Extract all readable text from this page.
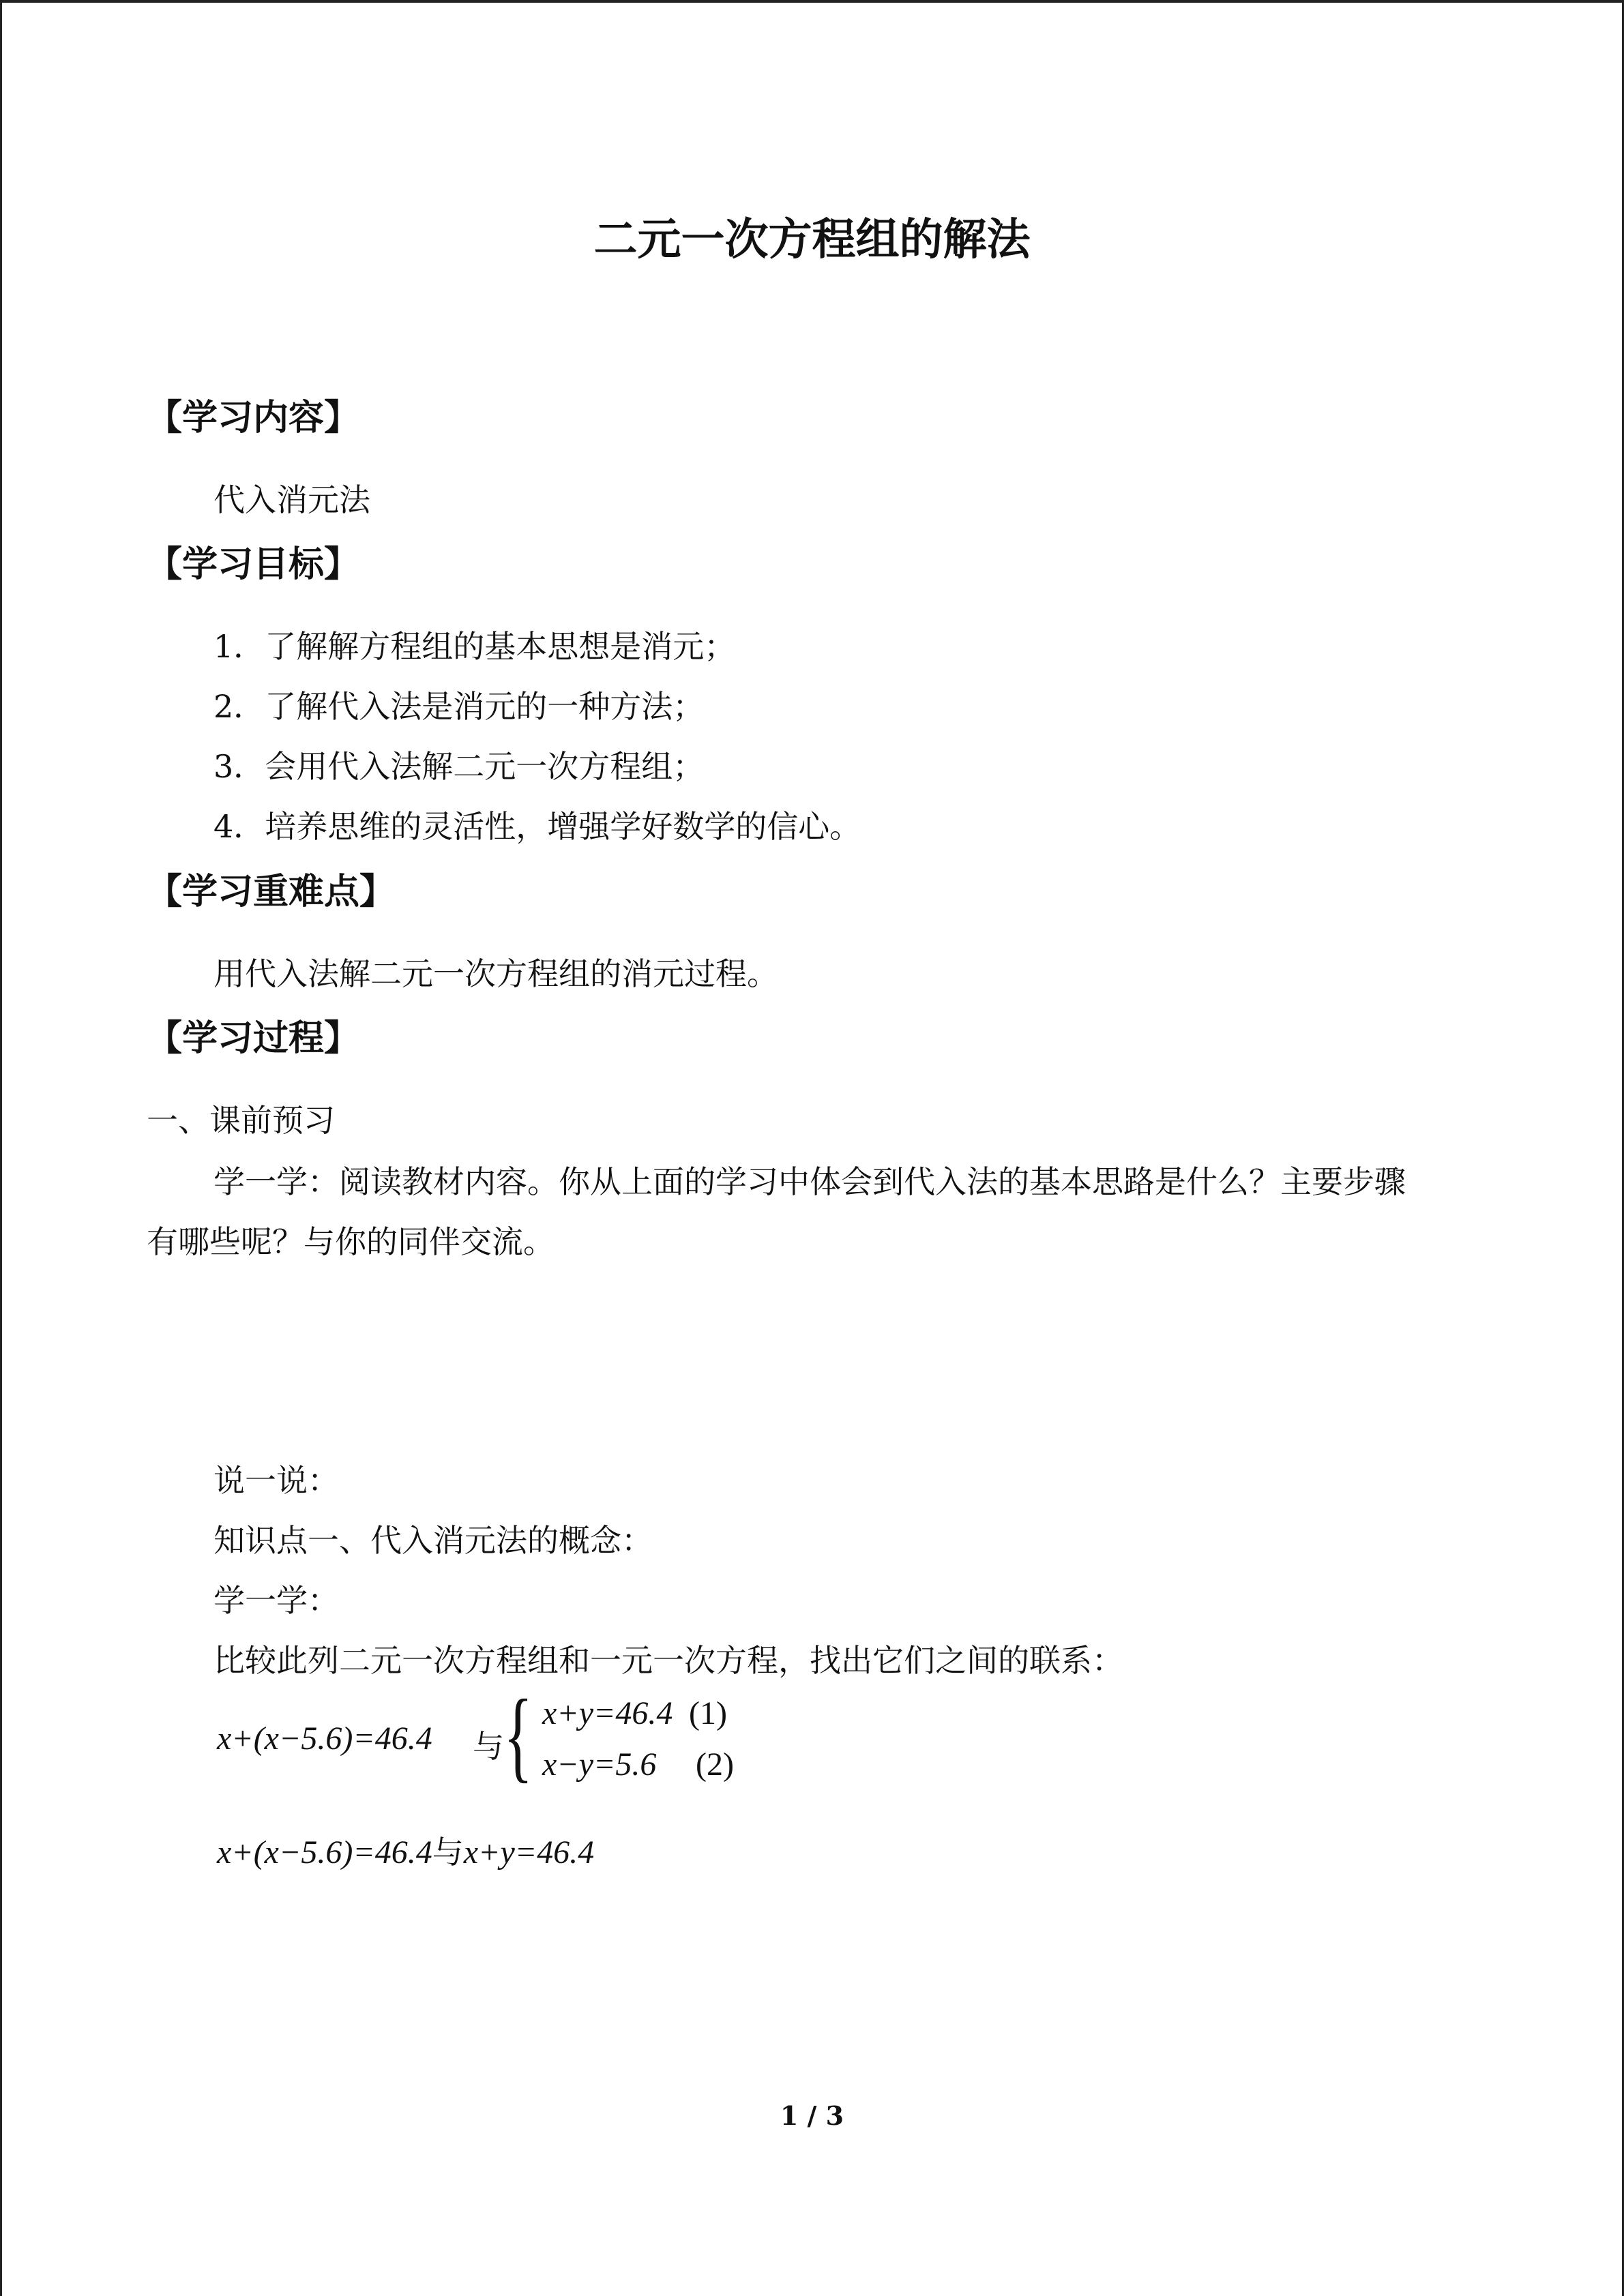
二元一次方程组的解法
【学习内容】
代入消元法
【学习目标】
1．了解解方程组的基本思想是消元；
2．了解代入法是消元的一种方法；
3．会用代入法解二元一次方程组；
4．培养思维的灵活性，增强学好数学的信心。
【学习重难点】
用代入法解二元一次方程组的消元过程。
【学习过程】
一、课前预习
学一学：阅读教材内容。你从上面的学习中体会到代入法的基本思路是什么？主要步骤
有哪些呢？与你的同伴交流。
说一说：
知识点一、代入消元法的概念：
学一学：
比较此列二元一次方程组和一元一次方程，找出它们之间的联系：
x+(x−5.6)=46.4 与 { x+y=46.4 (1)
x−y=5.6 (2)
x+(x−5.6)=46.4与x+y=46.4
1 / 3
